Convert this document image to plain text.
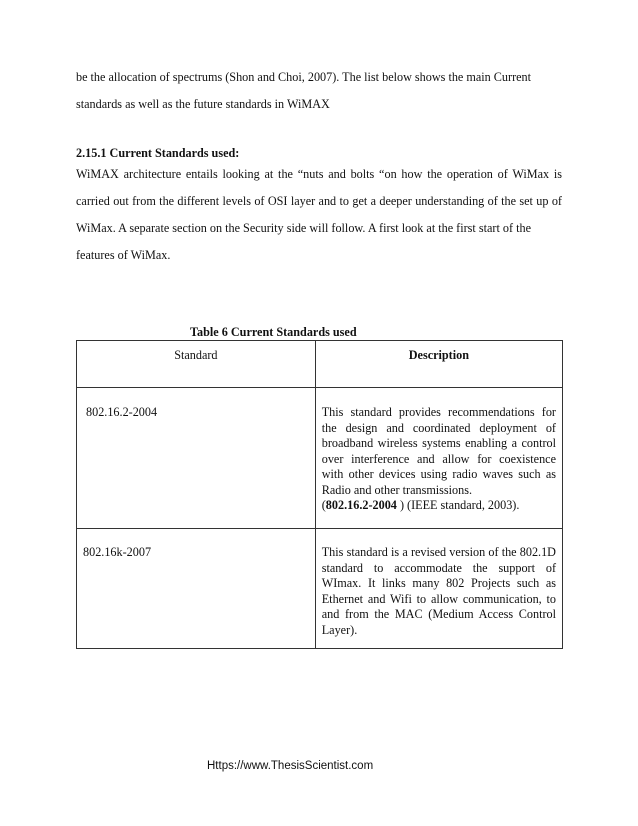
be the allocation of spectrums (Shon and Choi, 2007). The list below shows the main Current
standards as well as the future standards in WiMAX
2.15.1 Current Standards used:
WiMAX architecture entails looking at the “nuts and bolts “on how the operation of WiMax is carried out from the different levels of OSI layer and to get a deeper understanding of the set up of WiMax. A separate section on the Security side will follow. A first look at the first start of the
features of WiMax.
Table 6 Current Standards used
Standard	Description

802.16.2-2004	This standard provides recommendations for the design and coordinated deployment of broadband wireless systems enabling a control over interference and allow for coexistence with other devices using radio waves such as Radio and other transmissions.
(802.16.2-2004 ) (IEEE standard, 2003).
802.16k-2007	This standard is a revised version of the 802.1D standard to accommodate the support of WImax. It links many 802 Projects such as Ethernet and Wifi to allow communication, to and from the MAC (Medium Access Control Layer).
Https://www.ThesisScientist.com
